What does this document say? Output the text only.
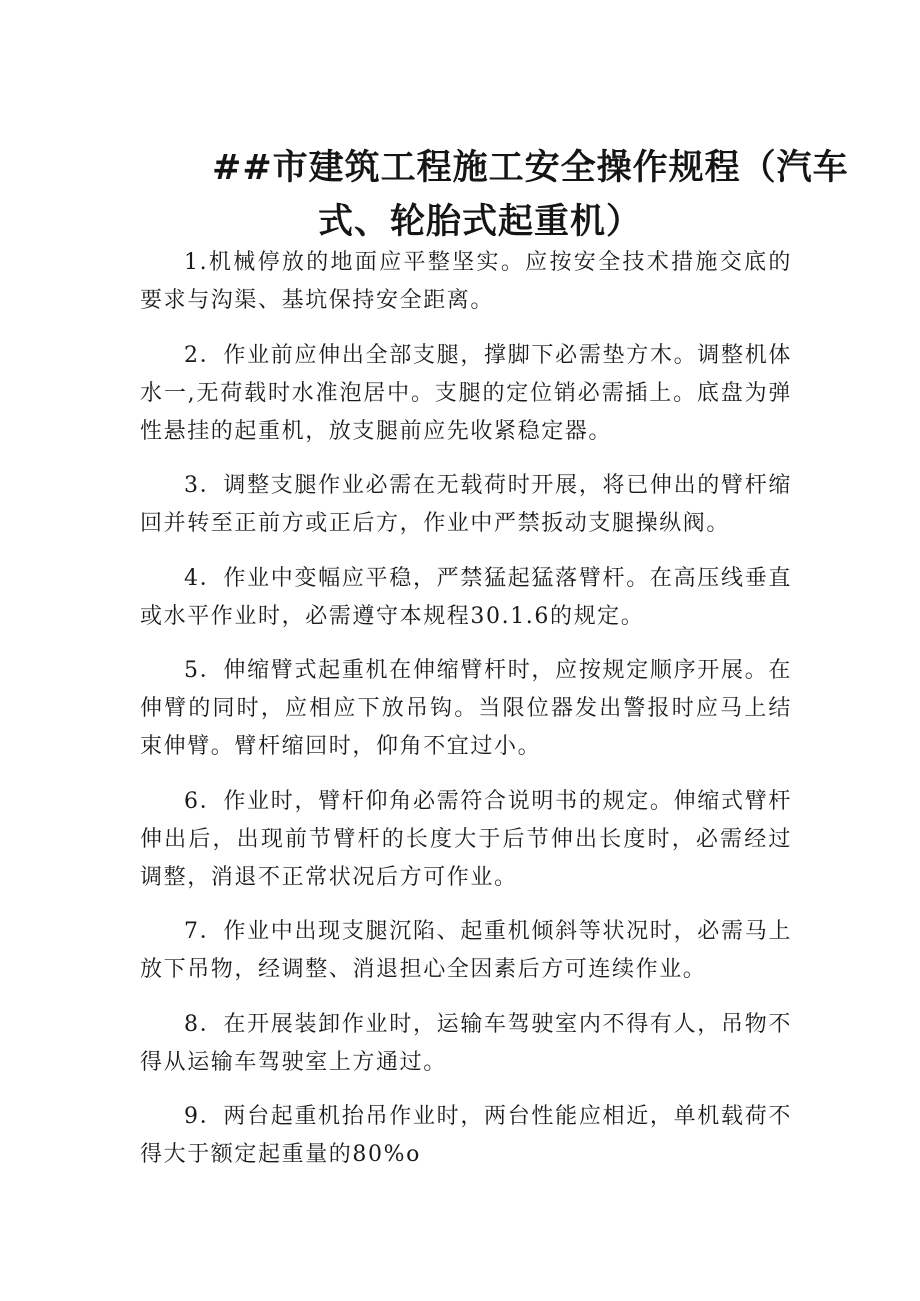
##市建筑工程施工安全操作规程（汽车
式、轮胎式起重机）

1.机械停放的地面应平整坚实。应按安全技术措施交底的要求与沟渠、基坑保持安全距离。

2．作业前应伸出全部支腿，撑脚下必需垫方木。调整机体水一,无荷载时水准泡居中。支腿的定位销必需插上。底盘为弹性悬挂的起重机，放支腿前应先收紧稳定器。

3．调整支腿作业必需在无载荷时开展，将已伸出的臂杆缩回并转至正前方或正后方，作业中严禁扳动支腿操纵阀。

4．作业中变幅应平稳，严禁猛起猛落臂杆。在高压线垂直或水平作业时，必需遵守本规程30.1.6的规定。

5．伸缩臂式起重机在伸缩臂杆时，应按规定顺序开展。在伸臂的同时，应相应下放吊钩。当限位器发出警报时应马上结束伸臂。臂杆缩回时，仰角不宜过小。

6．作业时，臂杆仰角必需符合说明书的规定。伸缩式臂杆伸出后，出现前节臂杆的长度大于后节伸出长度时，必需经过调整，消退不正常状况后方可作业。

7．作业中出现支腿沉陷、起重机倾斜等状况时，必需马上放下吊物，经调整、消退担心全因素后方可连续作业。

8．在开展装卸作业时，运输车驾驶室内不得有人，吊物不得从运输车驾驶室上方通过。

9．两台起重机抬吊作业时，两台性能应相近，单机载荷不得大于额定起重量的80%o
